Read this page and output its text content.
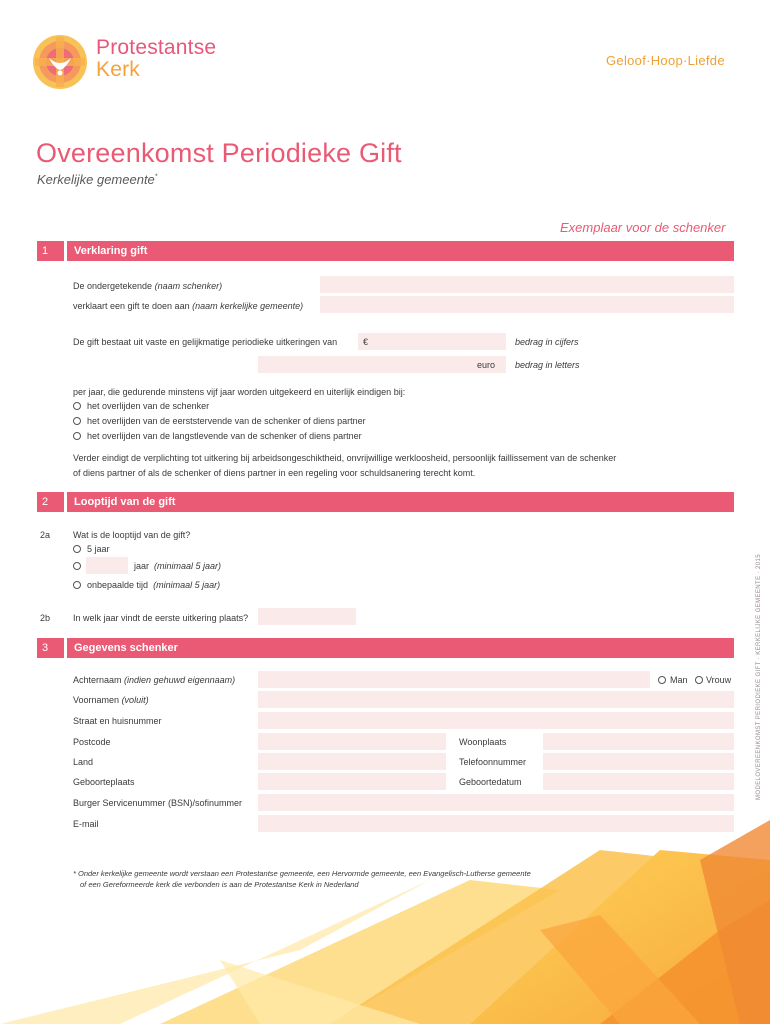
Protestantse
Kerk	Geloof·Hoop·Liefde
Overeenkomst Periodieke Gift
Kerkelijke gemeente*
Exemplaar voor de schenker
1	Verklaring gift
De ondergetekende (naam schenker)
verklaart een gift te doen aan (naam kerkelijke gemeente)
De gift bestaat uit vaste en gelijkmatige periodieke uitkeringen van	€	bedrag in cijfers
euro bedrag in letters
per jaar, die gedurende minstens vijf jaar worden uitgekeerd en uiterlijk eindigen bij:
het overlijden van de schenker
het overlijden van de eerststervende van de schenker of diens partner
het overlijden van de langstlevende van de schenker of diens partner
Verder eindigt de verplichting tot uitkering bij arbeidsongeschiktheid, onvrijwillige werkloosheid, persoonlijk faillissement van de schenker
of diens partner of als de schenker of diens partner in een regeling voor schuldsanering terecht komt.
2	Looptijd van de gift
2a	Wat is de looptijd van de gift?
5 jaar
jaar (minimaal 5 jaar)
onbepaalde tijd (minimaal 5 jaar)
2b	In welk jaar vindt de eerste uitkering plaats?
3	Gegevens schenker
Achternaam (indien gehuwd eigennaam)	Man Vrouw
Voornamen (voluit)
Straat en huisnummer
Postcode	Woonplaats
Land	Telefoonnummer
Geboorteplaats	Geboortedatum
Burger Servicenummer (BSN)/sofinummer
E-mail
* Onder kerkelijke gemeente wordt verstaan een Protestantse gemeente, een Hervormde gemeente, een Evangelisch-Lutherse gemeente
of een Gereformeerde kerk die verbonden is aan de Protestantse Kerk in Nederland
MODELOVEREENKOMST PERIODIEKE GIFT · KERKELIJKE GEMEENTE · 2015
